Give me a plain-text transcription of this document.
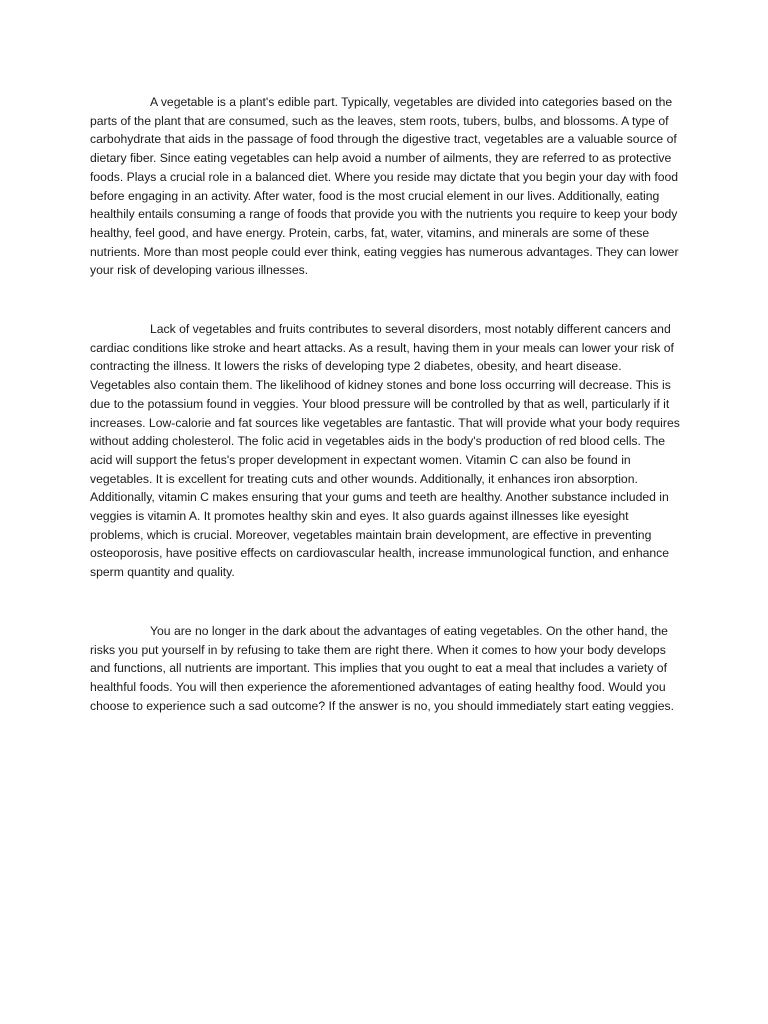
A vegetable is a plant's edible part. Typically, vegetables are divided into categories based on the parts of the plant that are consumed, such as the leaves, stem roots, tubers, bulbs, and blossoms. A type of carbohydrate that aids in the passage of food through the digestive tract, vegetables are a valuable source of dietary fiber. Since eating vegetables can help avoid a number of ailments, they are referred to as protective foods. Plays a crucial role in a balanced diet. Where you reside may dictate that you begin your day with food before engaging in an activity. After water, food is the most crucial element in our lives. Additionally, eating healthily entails consuming a range of foods that provide you with the nutrients you require to keep your body healthy, feel good, and have energy. Protein, carbs, fat, water, vitamins, and minerals are some of these nutrients. More than most people could ever think, eating veggies has numerous advantages. They can lower your risk of developing various illnesses.

Lack of vegetables and fruits contributes to several disorders, most notably different cancers and cardiac conditions like stroke and heart attacks. As a result, having them in your meals can lower your risk of contracting the illness. It lowers the risks of developing type 2 diabetes, obesity, and heart disease. Vegetables also contain them. The likelihood of kidney stones and bone loss occurring will decrease. This is due to the potassium found in veggies. Your blood pressure will be controlled by that as well, particularly if it increases. Low-calorie and fat sources like vegetables are fantastic. That will provide what your body requires without adding cholesterol. The folic acid in vegetables aids in the body's production of red blood cells. The acid will support the fetus's proper development in expectant women. Vitamin C can also be found in vegetables. It is excellent for treating cuts and other wounds. Additionally, it enhances iron absorption. Additionally, vitamin C makes ensuring that your gums and teeth are healthy. Another substance included in veggies is vitamin A. It promotes healthy skin and eyes. It also guards against illnesses like eyesight problems, which is crucial. Moreover, vegetables maintain brain development, are effective in preventing osteoporosis, have positive effects on cardiovascular health, increase immunological function, and enhance sperm quantity and quality.

You are no longer in the dark about the advantages of eating vegetables. On the other hand, the risks you put yourself in by refusing to take them are right there. When it comes to how your body develops and functions, all nutrients are important. This implies that you ought to eat a meal that includes a variety of healthful foods. You will then experience the aforementioned advantages of eating healthy food. Would you choose to experience such a sad outcome? If the answer is no, you should immediately start eating veggies.
